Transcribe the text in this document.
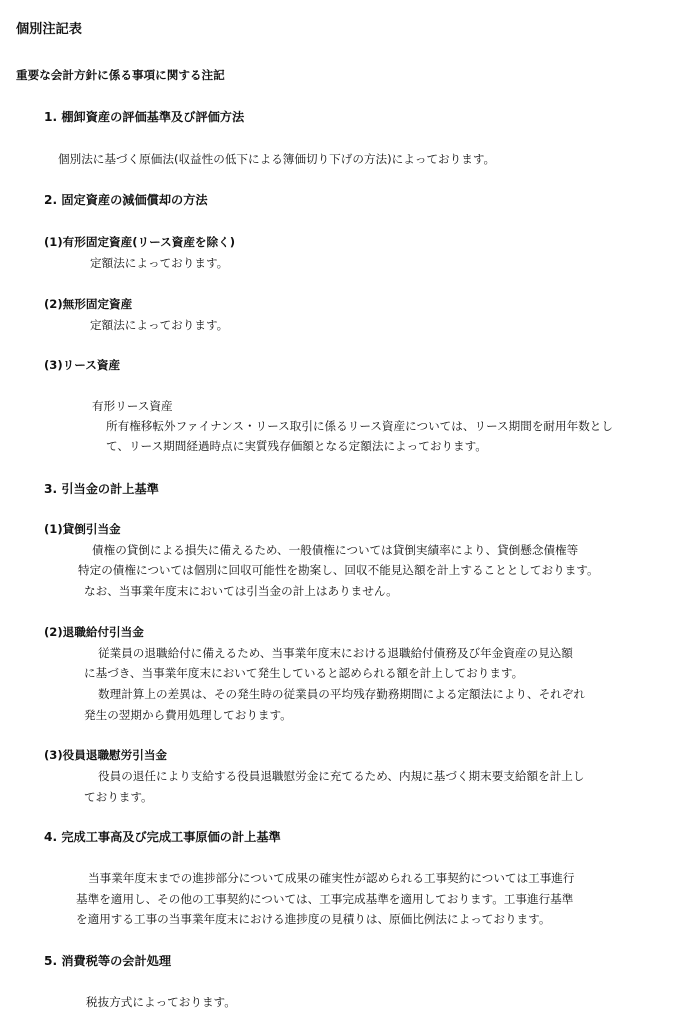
個別注記表

重要な会計方針に係る事項に関する注記

1. 棚卸資産の評価基準及び評価方法

個別法に基づく原価法(収益性の低下による簿価切り下げの方法)によっております。

2. 固定資産の減価償却の方法

(1)有形固定資産(リース資産を除く)

定額法によっております。

(2)無形固定資産

定額法によっております。

(3)リース資産

有形リース資産

所有権移転外ファイナンス・リース取引に係るリース資産については、リース期間を耐用年数とし

て、リース期間経過時点に実質残存価額となる定額法によっております。

3. 引当金の計上基準

(1)貸倒引当金

債権の貸倒による損失に備えるため、一般債権については貸倒実績率により、貸倒懸念債権等

特定の債権については個別に回収可能性を勘案し、回収不能見込額を計上することとしております。

なお、当事業年度末においては引当金の計上はありません。

(2)退職給付引当金

従業員の退職給付に備えるため、当事業年度末における退職給付債務及び年金資産の見込額

に基づき、当事業年度末において発生していると認められる額を計上しております。

数理計算上の差異は、その発生時の従業員の平均残存勤務期間による定額法により、それぞれ

発生の翌期から費用処理しております。

(3)役員退職慰労引当金

役員の退任により支給する役員退職慰労金に充てるため、内規に基づく期末要支給額を計上し

ております。

4. 完成工事高及び完成工事原価の計上基準

当事業年度末までの進捗部分について成果の確実性が認められる工事契約については工事進行

基準を適用し、その他の工事契約については、工事完成基準を適用しております。工事進行基準

を適用する工事の当事業年度末における進捗度の見積りは、原価比例法によっております。

5. 消費税等の会計処理

税抜方式によっております。
